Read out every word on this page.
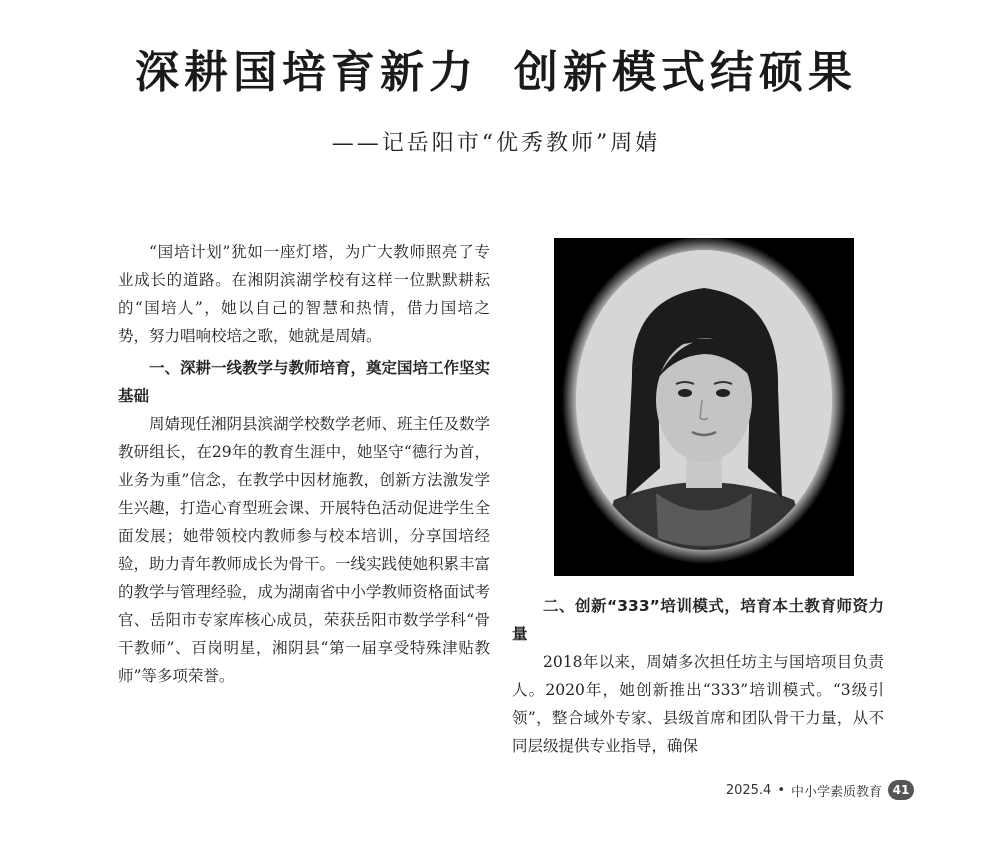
深耕国培育新力 创新模式结硕果
——记岳阳市“优秀教师”周婧

“国培计划”犹如一座灯塔，为广大教师照亮了专业成长的道路。在湘阴滨湖学校有这样一位默默耕耘的“国培人”，她以自己的智慧和热情，借力国培之势，努力唱响校培之歌，她就是周婧。

一、深耕一线教学与教师培育，奠定国培工作坚实基础

周婧现任湘阴县滨湖学校数学老师、班主任及数学教研组长，在29年的教育生涯中，她坚守“德行为首，业务为重”信念，在教学中因材施教，创新方法激发学生兴趣，打造心育型班会课、开展特色活动促进学生全面发展；她带领校内教师参与校本培训，分享国培经验，助力青年教师成长为骨干。一线实践使她积累丰富的教学与管理经验，成为湖南省中小学教师资格面试考官、岳阳市专家库核心成员，荣获岳阳市数学学科“骨干教师”、百岗明星，湘阴县“第一届享受特殊津贴教师”等多项荣誉。

二、创新“333”培训模式，培育本土教育师资力量

2018年以来，周婧多次担任坊主与国培项目负责人。2020年，她创新推出“333”培训模式。“3级引领”，整合域外专家、县级首席和团队骨干力量，从不同层级提供专业指导，确保

2025.4 • 中小学素质教育 41
